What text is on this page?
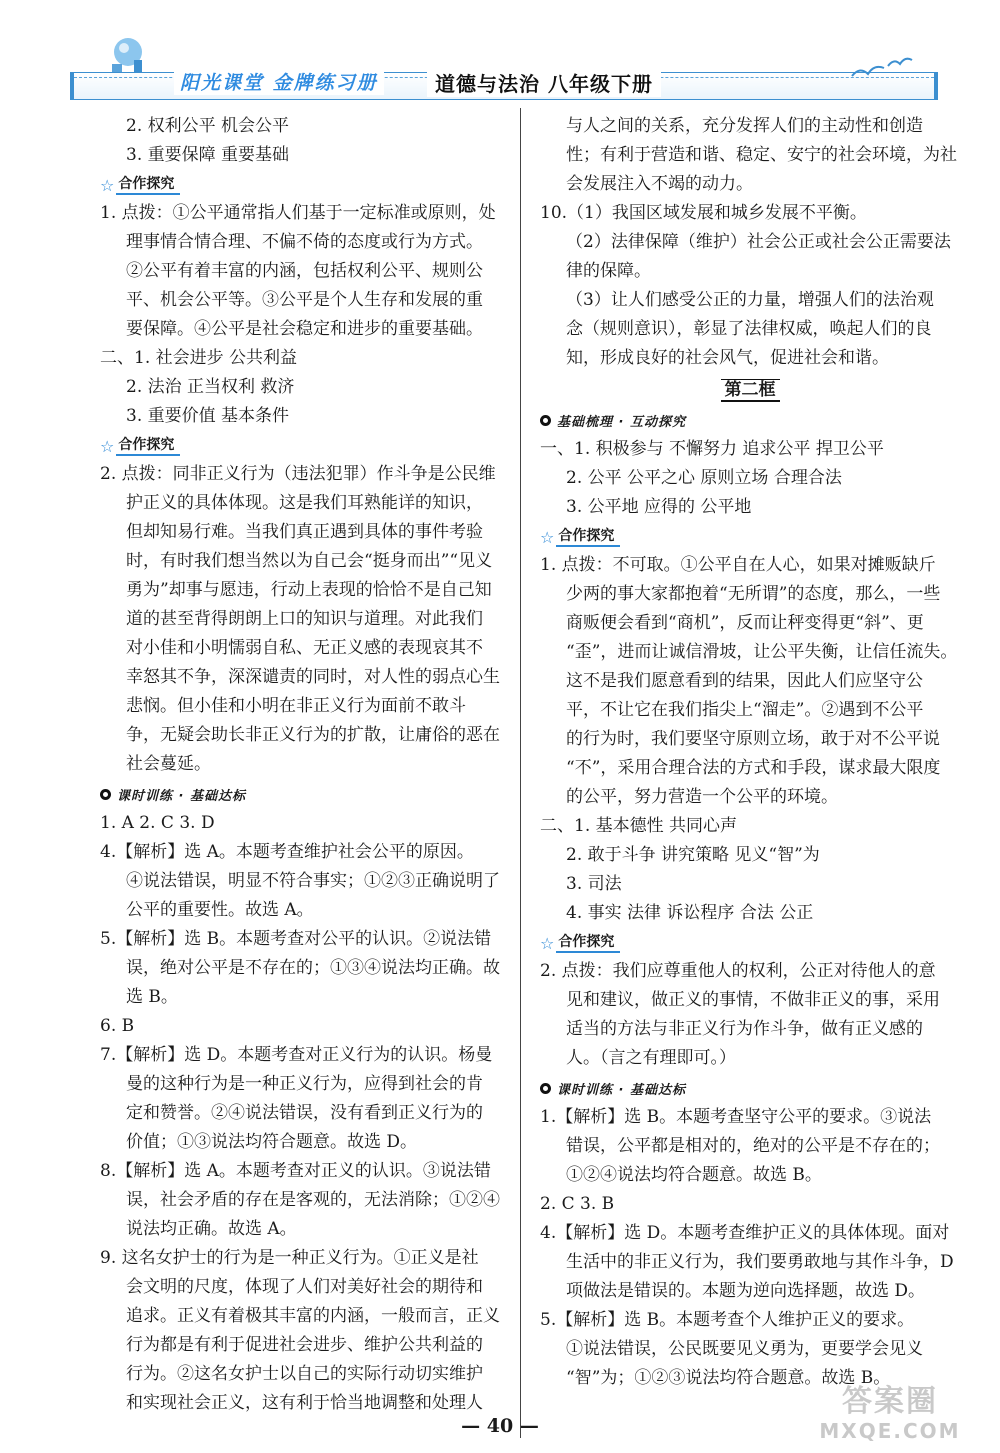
阳光课堂 金牌练习册	道德与法治 八年级下册
2. 权利公平 机会公平
3. 重要保障 重要基础
☆ 合作探究
1. 点拨：①公平通常指人们基于一定标准或原则，处
理事情合情合理、不偏不倚的态度或行为方式。
②公平有着丰富的内涵，包括权利公平、规则公
平、机会公平等。③公平是个人生存和发展的重
要保障。④公平是社会稳定和进步的重要基础。
二、1. 社会进步 公共利益
2. 法治 正当权利 救济
3. 重要价值 基本条件
☆ 合作探究
2. 点拨：同非正义行为（违法犯罪）作斗争是公民维
护正义的具体体现。这是我们耳熟能详的知识，
但却知易行难。当我们真正遇到具体的事件考验
时，有时我们想当然以为自己会“挺身而出”“见义
勇为”却事与愿违，行动上表现的恰恰不是自己知
道的甚至背得朗朗上口的知识与道理。对此我们
对小佳和小明懦弱自私、无正义感的表现哀其不
幸怒其不争，深深谴责的同时，对人性的弱点心生
悲悯。但小佳和小明在非正义行为面前不敢斗
争，无疑会助长非正义行为的扩散，让庸俗的恶在
社会蔓延。
课时训练 · 基础达标
1. A 2. C 3. D
4.【解析】选 A。本题考查维护社会公平的原因。
④说法错误，明显不符合事实；①②③正确说明了
公平的重要性。故选 A。
5.【解析】选 B。本题考查对公平的认识。②说法错
误，绝对公平是不存在的；①③④说法均正确。故
选 B。
6. B
7.【解析】选 D。本题考查对正义行为的认识。杨曼
曼的这种行为是一种正义行为，应得到社会的肯
定和赞誉。②④说法错误，没有看到正义行为的
价值；①③说法均符合题意。故选 D。
8.【解析】选 A。本题考查对正义的认识。③说法错
误，社会矛盾的存在是客观的，无法消除；①②④
说法均正确。故选 A。
9. 这名女护士的行为是一种正义行为。①正义是社
会文明的尺度，体现了人们对美好社会的期待和
追求。正义有着极其丰富的内涵，一般而言，正义
行为都是有利于促进社会进步、维护公共利益的
行为。②这名女护士以自己的实际行动切实维护
和实现社会正义，这有利于恰当地调整和处理人
与人之间的关系，充分发挥人们的主动性和创造
性；有利于营造和谐、稳定、安宁的社会环境，为社
会发展注入不竭的动力。
10.（1）我国区域发展和城乡发展不平衡。
（2）法律保障（维护）社会公正或社会公正需要法
律的保障。
（3）让人们感受公正的力量，增强人们的法治观
念（规则意识），彰显了法律权威，唤起人们的良
知，形成良好的社会风气，促进社会和谐。
第二框
基础梳理 · 互动探究
一、1. 积极参与 不懈努力 追求公平 捍卫公平
2. 公平 公平之心 原则立场 合理合法
3. 公平地 应得的 公平地
☆ 合作探究
1. 点拨：不可取。①公平自在人心，如果对摊贩缺斤
少两的事大家都抱着“无所谓”的态度，那么，一些
商贩便会看到“商机”，反而让秤变得更“斜”、更
“歪”，进而让诚信滑坡，让公平失衡，让信任流失。
这不是我们愿意看到的结果，因此人们应坚守公
平，不让它在我们指尖上“溜走”。②遇到不公平
的行为时，我们要坚守原则立场，敢于对不公平说
“不”，采用合理合法的方式和手段，谋求最大限度
的公平，努力营造一个公平的环境。
二、1. 基本德性 共同心声
2. 敢于斗争 讲究策略 见义“智”为
3. 司法
4. 事实 法律 诉讼程序 合法 公正
☆ 合作探究
2. 点拨：我们应尊重他人的权利，公正对待他人的意
见和建议，做正义的事情，不做非正义的事，采用
适当的方法与非正义行为作斗争，做有正义感的
人。（言之有理即可。）
课时训练 · 基础达标
1.【解析】选 B。本题考查坚守公平的要求。③说法
错误，公平都是相对的，绝对的公平是不存在的；
①②④说法均符合题意。故选 B。
2. C 3. B
4.【解析】选 D。本题考查维护正义的具体体现。面对
生活中的非正义行为，我们要勇敢地与其作斗争，D
项做法是错误的。本题为逆向选择题，故选 D。
5.【解析】选 B。本题考查个人维护正义的要求。
①说法错误，公民既要见义勇为，更要学会见义
“智”为；①②③说法均符合题意。故选 B。
— 40 —
答案圈
MXQE.COM
